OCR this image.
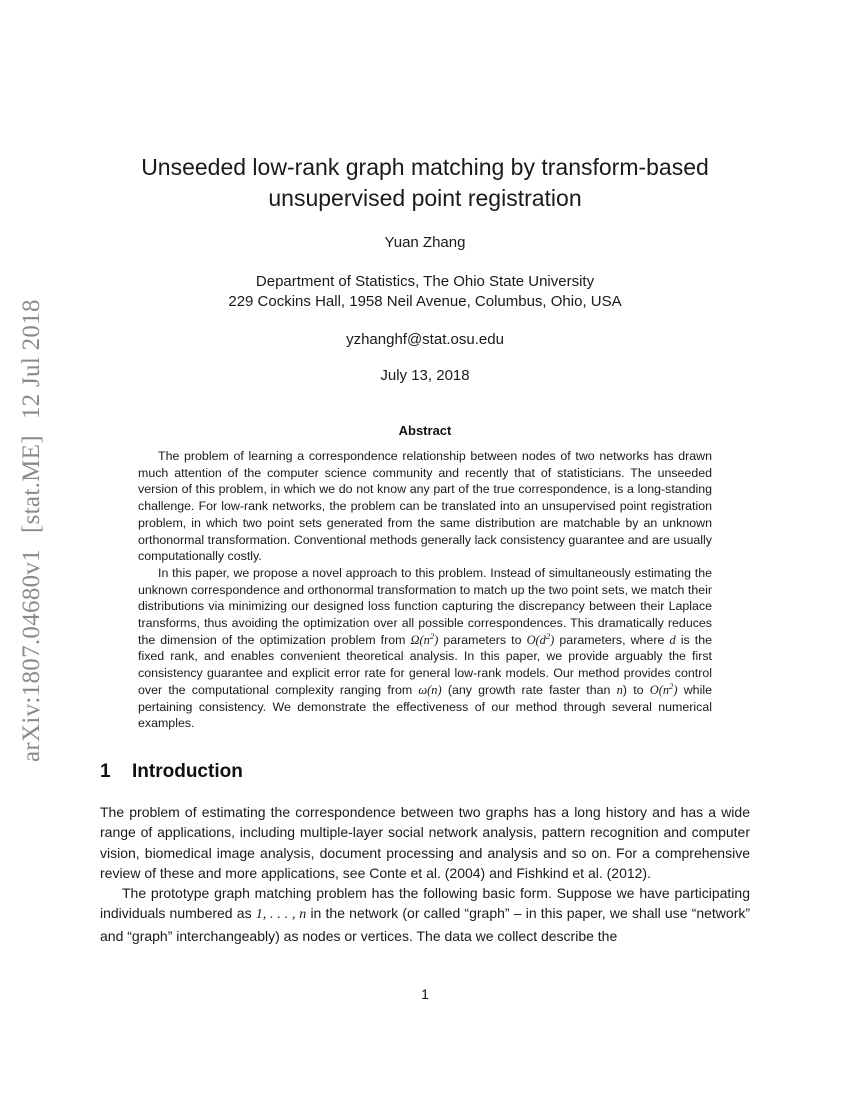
arXiv:1807.04680v1[stat.ME]12 Jul 2018
Unseeded low-rank graph matching by transform-based
unsupervised point registration
Yuan Zhang
Department of Statistics, The Ohio State University
229 Cockins Hall, 1958 Neil Avenue, Columbus, Ohio, USA
yzhanghf@stat.osu.edu
July 13, 2018
Abstract

The problem of learning a correspondence relationship between nodes of two networks has drawn much attention of the computer science community and recently that of statisticians. The unseeded version of this problem, in which we do not know any part of the true correspondence, is a long-standing challenge. For low-rank networks, the problem can be translated into an unsupervised point registration problem, in which two point sets generated from the same distribution are matchable by an unknown orthonormal transformation. Conventional methods generally lack consistency guarantee and are usually computationally costly.

In this paper, we propose a novel approach to this problem. Instead of simultaneously estimating the unknown correspondence and orthonormal transformation to match up the two point sets, we match their distributions via minimizing our designed loss function capturing the discrepancy between their Laplace transforms, thus avoiding the optimization over all possible correspondences. This dramatically reduces the dimension of the optimization problem from $\Omega(n^2)$ parameters to $O(d^2)$ parameters, where d is the fixed rank, and enables convenient theoretical analysis. In this paper, we provide arguably the first consistency guarantee and explicit error rate for general low-rank models. Our method provides control over the computational complexity ranging from ω(n) (any growth rate faster than n) to $O(n^2)$ while pertaining consistency. We demonstrate the effectiveness of our method through several numerical examples.

1 Introduction

The problem of estimating the correspondence between two graphs has a long history and has a wide range of applications, including multiple-layer social network analysis, pattern recognition and computer vision, biomedical image analysis, document processing and analysis and so on. For a comprehensive review of these and more applications, see Conte et al. (2004) and Fishkind et al. (2012).

The prototype graph matching problem has the following basic form. Suppose we have participating individuals numbered as 1, . . . , n in the network (or called “graph” – in this paper, we shall use “network” and “graph” interchangeably) as nodes or vertices. The data we collect describe the

1
